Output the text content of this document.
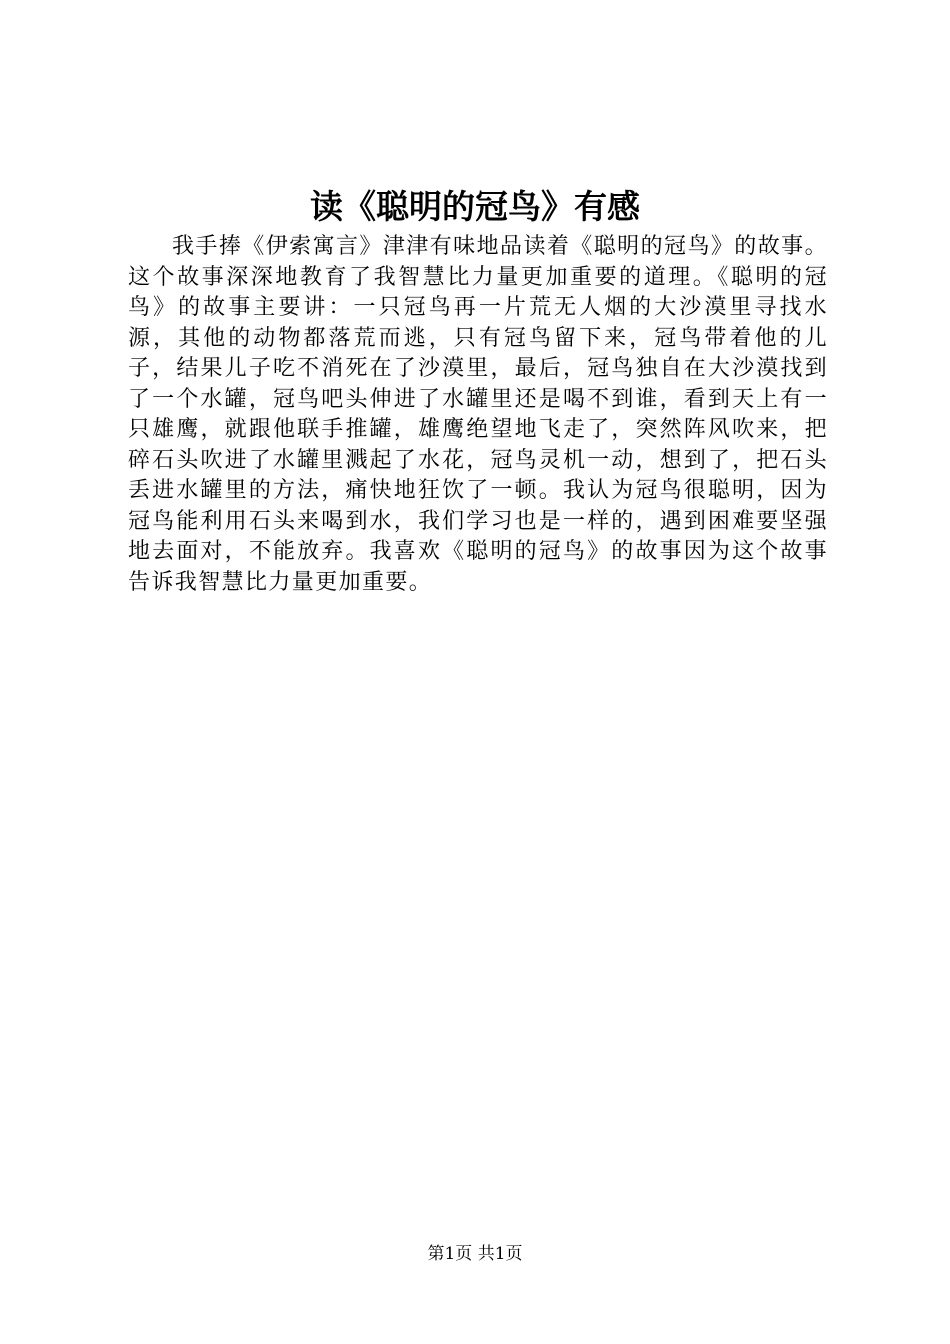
读《聪明的冠鸟》有感

我手捧《伊索寓言》津津有味地品读着《聪明的冠鸟》的故事。这个故事深深地教育了我智慧比力量更加重要的道理。《聪明的冠鸟》的故事主要讲：一只冠鸟再一片荒无人烟的大沙漠里寻找水源，其他的动物都落荒而逃，只有冠鸟留下来，冠鸟带着他的儿子，结果儿子吃不消死在了沙漠里，最后，冠鸟独自在大沙漠找到了一个水罐，冠鸟吧头伸进了水罐里还是喝不到谁，看到天上有一只雄鹰，就跟他联手推罐，雄鹰绝望地飞走了，突然阵风吹来，把碎石头吹进了水罐里溅起了水花，冠鸟灵机一动，想到了，把石头丢进水罐里的方法，痛快地狂饮了一顿。我认为冠鸟很聪明，因为冠鸟能利用石头来喝到水，我们学习也是一样的，遇到困难要坚强地去面对，不能放弃。我喜欢《聪明的冠鸟》的故事因为这个故事告诉我智慧比力量更加重要。

第1页 共1页
